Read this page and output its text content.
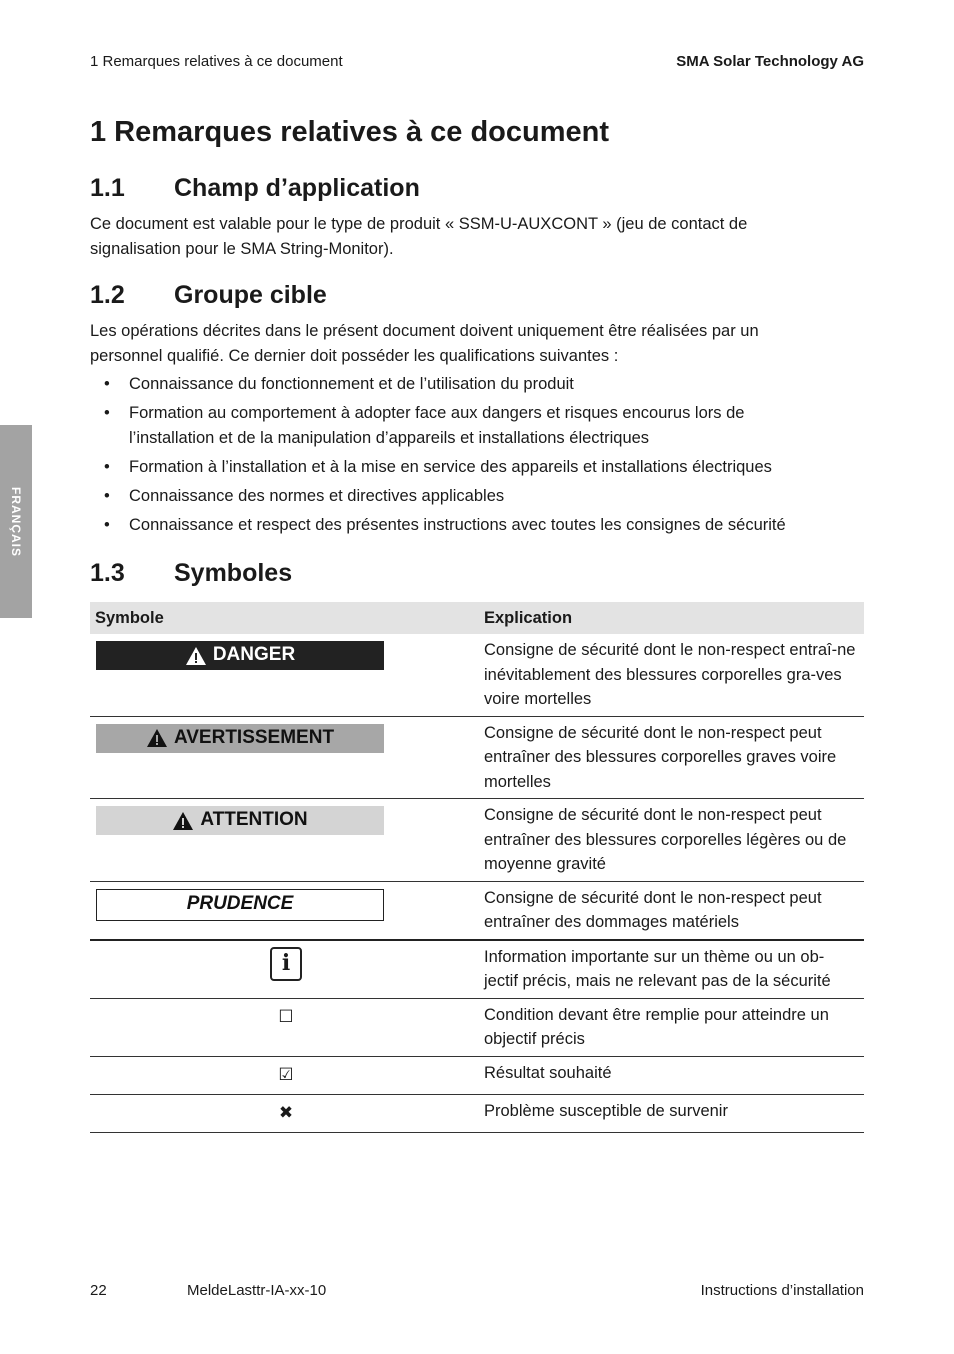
1 Remarques relatives à ce document	SMA Solar Technology AG
FRANÇAIS
1 Remarques relatives à ce document
1.1 Champ d’application

Ce document est valable pour le type de produit « SSM-U-AUXCONT » (jeu de contact de signalisation pour le SMA String-Monitor).

1.2 Groupe cible

Les opérations décrites dans le présent document doivent uniquement être réalisées par un personnel qualifié. Ce dernier doit posséder les qualifications suivantes :

• Connaissance du fonctionnement et de l’utilisation du produit
• Formation au comportement à adopter face aux dangers et risques encourus lors de l’installation et de la manipulation d’appareils et installations électriques
• Formation à l’installation et à la mise en service des appareils et installations électriques
• Connaissance des normes et directives applicables
• Connaissance et respect des présentes instructions avec toutes les consignes de sécurité
1.3 Symboles
Symbole	Explication

DANGER	Consigne de sécurité dont le non-respect entraî-ne inévitablement des blessures corporelles gra-ves voire mortelles

AVERTISSEMENT	Consigne de sécurité dont le non-respect peut entraîner des blessures corporelles graves voire mortelles

ATTENTION	Consigne de sécurité dont le non-respect peut entraîner des blessures corporelles légères ou de moyenne gravité

PRUDENCE	Consigne de sécurité dont le non-respect peut entraîner des dommages matériels

i	Information importante sur un thème ou un ob-jectif précis, mais ne relevant pas de la sécurité

☐	Condition devant être remplie pour atteindre un objectif précis

☑	Résultat souhaité

✖	Problème susceptible de survenir
22	MeldeLasttr-IA-xx-10	Instructions d’installation
